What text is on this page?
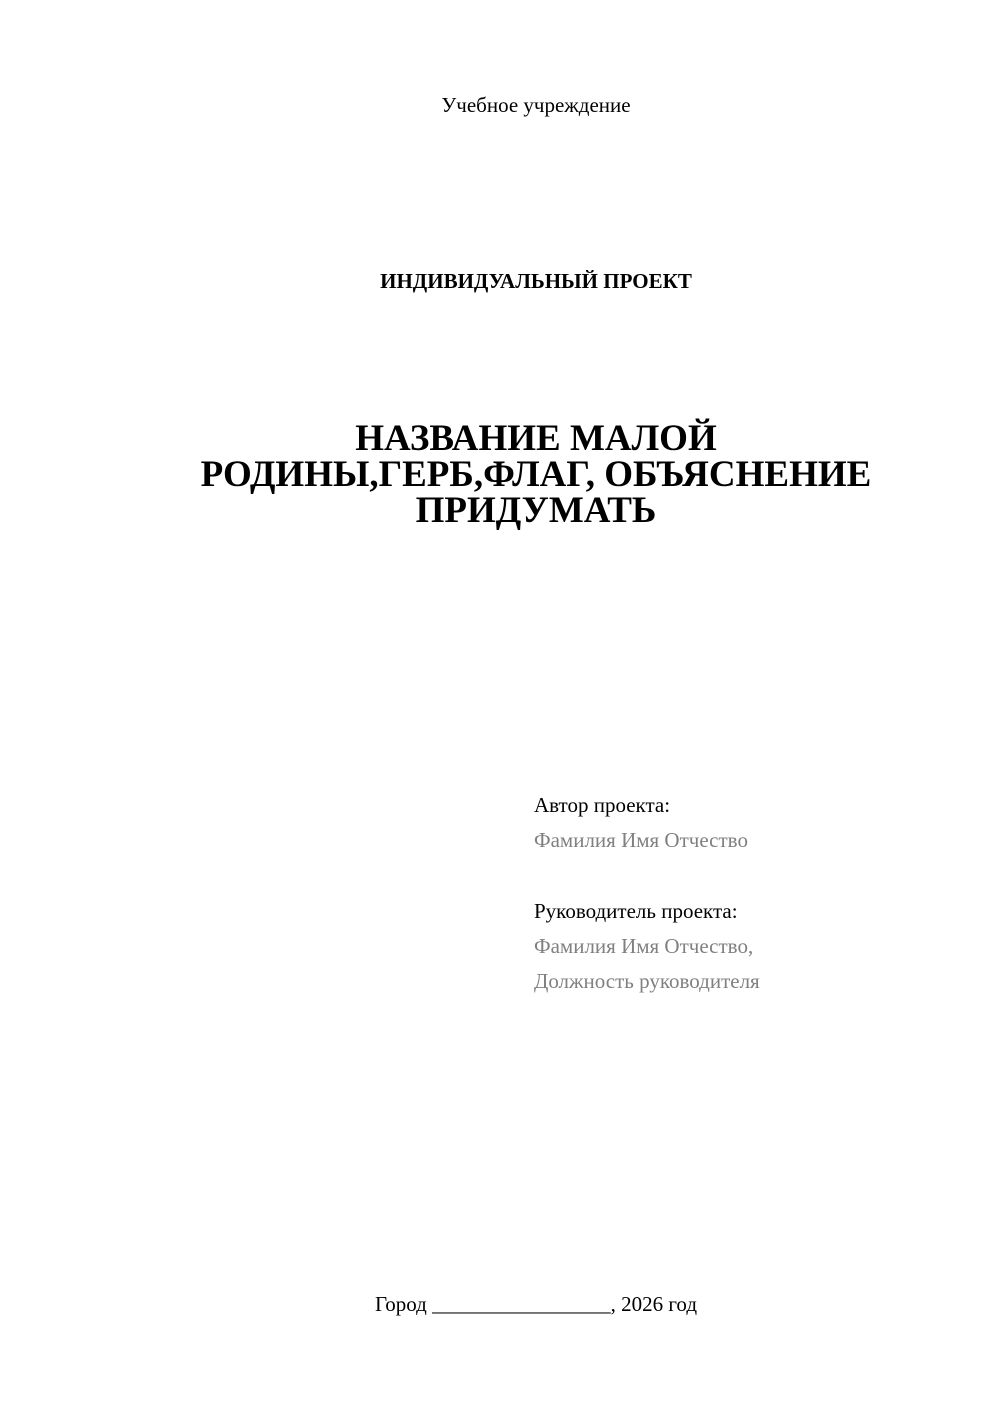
Учебное учреждение
ИНДИВИДУАЛЬНЫЙ ПРОЕКТ
НАЗВАНИЕ МАЛОЙ
РОДИНЫ,ГЕРБ,ФЛАГ, ОБЪЯСНЕНИЕ
ПРИДУМАТЬ
Автор проекта:
Фамилия Имя Отчество
Руководитель проекта:
Фамилия Имя Отчество,
Должность руководителя
Город _________________, 2026 год
